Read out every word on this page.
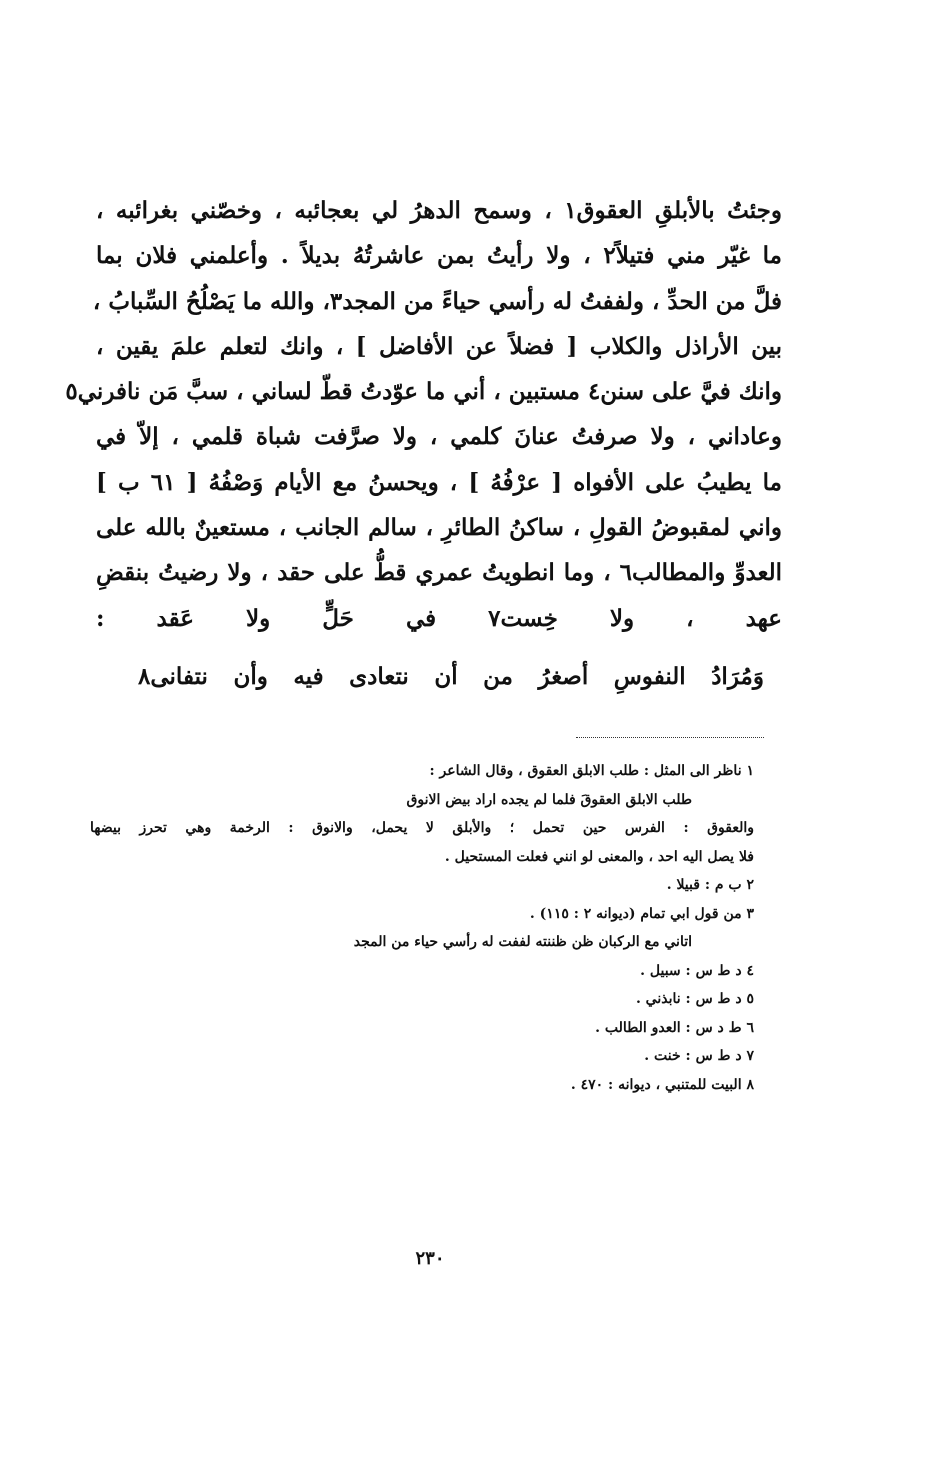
وجئتُ بالأبلقِ العقوق١ ، وسمح الدهرُ لي بعجائبه ، وخصّني بغرائبه ،
ما غيّر مني فتيلاً٢ ، ولا رأيتُ بمن عاشرتُهُ بديلاً . وأعلمني فلان بما
فلَّ من الحدِّ ، ولففتُ له رأسي حياءً من المجد٣، والله ما يَصْلُحُ السِّبابُ ،
بين الأراذل والكلاب [ فضلاً عن الأفاضل ] ، وانك لتعلم علمَ يقين ،
وانك فيَّ على سنن٤ مستبين ، أني ما عوّدتُ قطّ لساني ، سبَّ مَن نافرني٥
وعاداني ، ولا صرفتُ عنانَ كلمي ، ولا صرَّفت شباة قلمي ، إلاّ في
ما يطيبُ على الأفواه [ عرْفُهُ ] ، ويحسنُ مع الأيام وَصْفُهُ [ ٦١ ب ]
واني لمقبوضُ القولِ ، ساكنُ الطائرِ ، سالم الجانب ، مستعينٌ بالله على
العدوِّ والمطالب٦ ، وما انطويتُ عمري قطُّ على حقد ، ولا رضيتُ بنقضِ
عهد ، ولا خِست٧ في حَلٍّ ولا عَقد :
وَمُرَادُ النفوسِ أصغرُ من أن نتعادى فيه وأن نتفانى٨
١ ناظر الى المثل : طلب الابلق العقوق ، وقال الشاعر :
طلب الابلق العقوقَ فلما لم يجده اراد بيض الانوق
والعقوق : الفرس حين تحمل ؛ والأبلق لا يحمل، والانوق : الرخمة وهي تحرز بيضها
فلا يصل اليه احد ، والمعنى لو انني فعلت المستحيل .
٢ ب م : قبيلا .
٣ من قول ابي تمام (ديوانه ٢ : ١١٥) .
اتاني مع الركبان ظن ظننته لففت له رأسي حياء من المجد
٤ د ط س : سبيل .
٥ د ط س : نابذني .
٦ ط د س : العدو الطالب .
٧ د ط س : خنت .
٨ البيت للمتنبي ، ديوانه : ٤٧٠ .
٢٣٠
